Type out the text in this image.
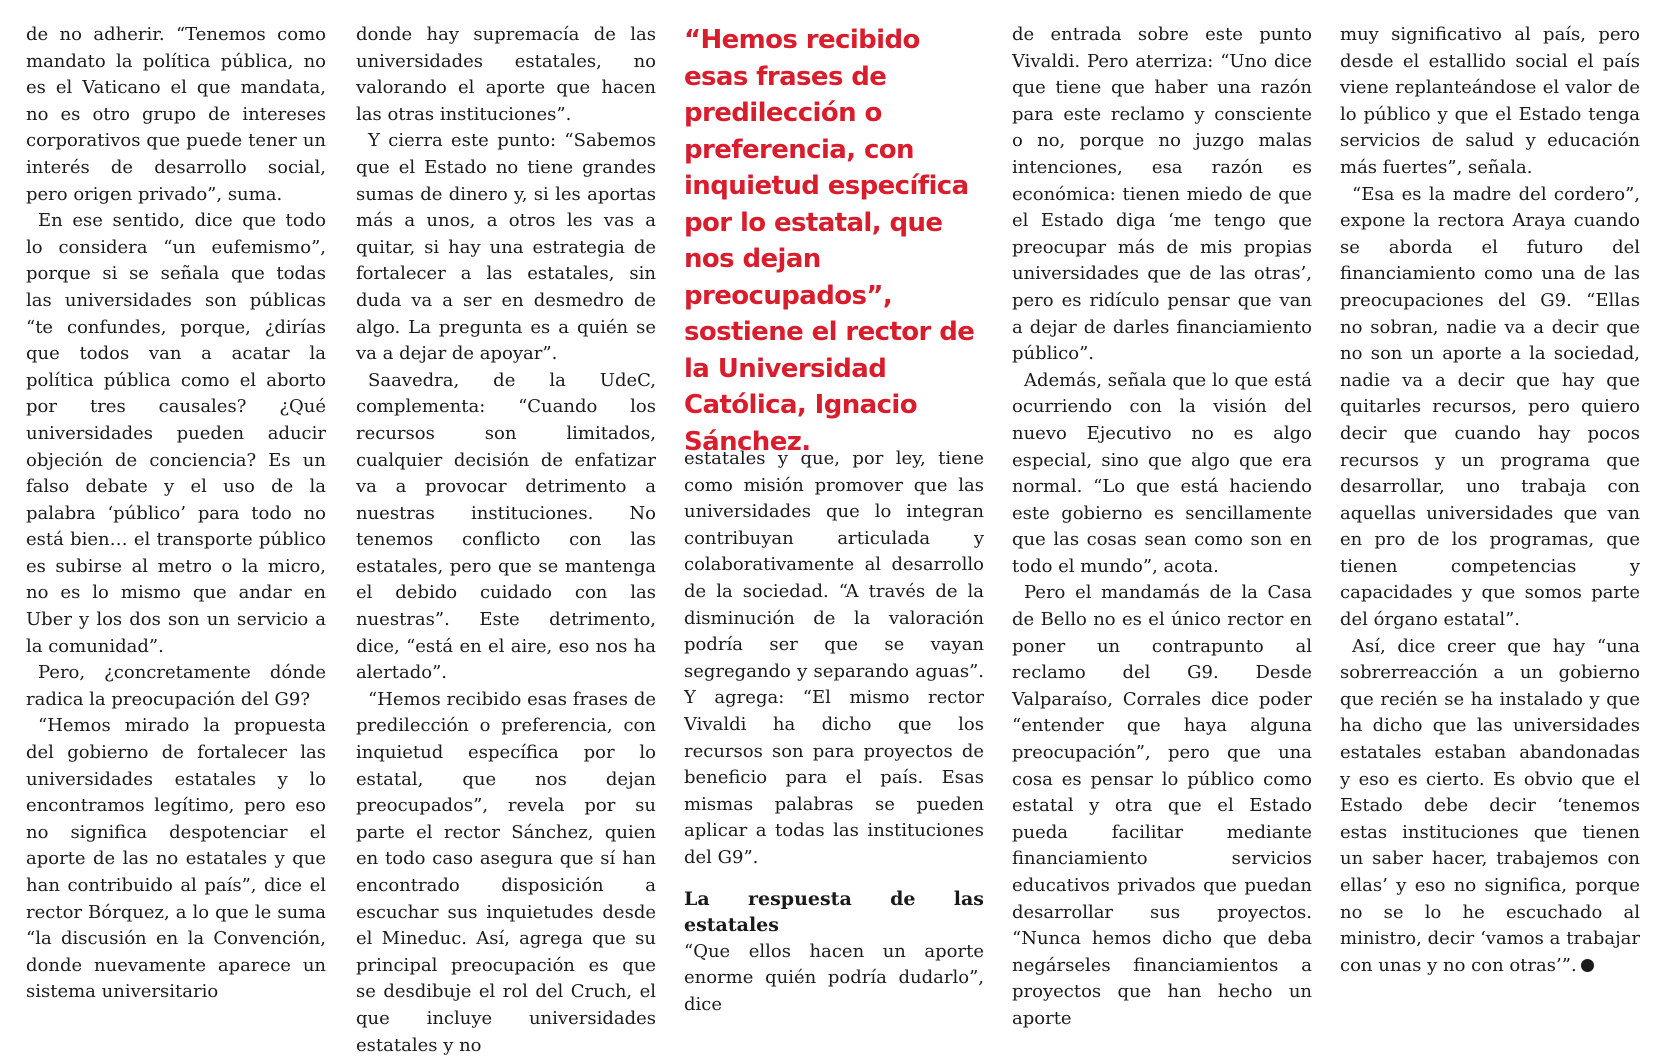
de no adherir. “Tenemos como mandato la política pública, no es el Vaticano el que mandata, no es otro grupo de intereses corporativos que puede tener un interés de desarrollo social, pero origen privado”, suma.

En ese sentido, dice que todo lo considera “un eufemismo”, porque si se señala que todas las universidades son públicas “te confundes, porque, ¿dirías que todos van a acatar la política pública como el aborto por tres causales? ¿Qué universidades pueden aducir objeción de conciencia? Es un falso debate y el uso de la palabra ‘público’ para todo no está bien… el transporte público es subirse al metro o la micro, no es lo mismo que andar en Uber y los dos son un servicio a la comunidad”.

Pero, ¿concretamente dónde radica la preocupación del G9?

“Hemos mirado la propuesta del gobierno de fortalecer las universidades estatales y lo encontramos legítimo, pero eso no significa despotenciar el aporte de las no estatales y que han contribuido al país”, dice el rector Bórquez, a lo que le suma “la discusión en la Convención, donde nuevamente aparece un sistema universitario

donde hay supremacía de las universidades estatales, no valorando el aporte que hacen las otras instituciones”.

Y cierra este punto: “Sabemos que el Estado no tiene grandes sumas de dinero y, si les aportas más a unos, a otros les vas a quitar, si hay una estrategia de fortalecer a las estatales, sin duda va a ser en desmedro de algo. La pregunta es a quién se va a dejar de apoyar”.

Saavedra, de la UdeC, complementa: “Cuando los recursos son limitados, cualquier decisión de enfatizar va a provocar detrimento a nuestras instituciones. No tenemos conflicto con las estatales, pero que se mantenga el debido cuidado con las nuestras”. Este detrimento, dice, “está en el aire, eso nos ha alertado”.

“Hemos recibido esas frases de predilección o preferencia, con inquietud específica por lo estatal, que nos dejan preocupados”, revela por su parte el rector Sánchez, quien en todo caso asegura que sí han encontrado disposición a escuchar sus inquietudes desde el Mineduc. Así, agrega que su principal preocupación es que se desdibuje el rol del Cruch, el que incluye universidades estatales y no

“Hemos recibido esas frases de predilección o preferencia, con inquietud específica por lo estatal, que nos dejan preocupados”, sostiene el rector de la Universidad Católica, Ignacio Sánchez.

estatales y que, por ley, tiene como misión promover que las universidades que lo integran contribuyan articulada y colaborativamente al desarrollo de la sociedad. “A través de la disminución de la valoración podría ser que se vayan segregando y separando aguas”. Y agrega: “El mismo rector Vivaldi ha dicho que los recursos son para proyectos de beneficio para el país. Esas mismas palabras se pueden aplicar a todas las instituciones del G9”.

La respuesta de las estatales

“Que ellos hacen un aporte enorme quién podría dudarlo”, dice

de entrada sobre este punto Vivaldi. Pero aterriza: “Uno dice que tiene que haber una razón para este reclamo y consciente o no, porque no juzgo malas intenciones, esa razón es económica: tienen miedo de que el Estado diga ‘me tengo que preocupar más de mis propias universidades que de las otras’, pero es ridículo pensar que van a dejar de darles financiamiento público”.

Además, señala que lo que está ocurriendo con la visión del nuevo Ejecutivo no es algo especial, sino que algo que era normal. “Lo que está haciendo este gobierno es sencillamente que las cosas sean como son en todo el mundo”, acota.

Pero el mandamás de la Casa de Bello no es el único rector en poner un contrapunto al reclamo del G9. Desde Valparaíso, Corrales dice poder “entender que haya alguna preocupación”, pero que una cosa es pensar lo público como estatal y otra que el Estado pueda facilitar mediante financiamiento servicios educativos privados que puedan desarrollar sus proyectos. “Nunca hemos dicho que deba negárseles financiamientos a proyectos que han hecho un aporte

muy significativo al país, pero desde el estallido social el país viene replanteándose el valor de lo público y que el Estado tenga servicios de salud y educación más fuertes”, señala.

“Esa es la madre del cordero”, expone la rectora Araya cuando se aborda el futuro del financiamiento como una de las preocupaciones del G9. “Ellas no sobran, nadie va a decir que no son un aporte a la sociedad, nadie va a decir que hay que quitarles recursos, pero quiero decir que cuando hay pocos recursos y un programa que desarrollar, uno trabaja con aquellas universidades que van en pro de los programas, que tienen competencias y capacidades y que somos parte del órgano estatal”.

Así, dice creer que hay “una sobrerreacción a un gobierno que recién se ha instalado y que ha dicho que las universidades estatales estaban abandonadas y eso es cierto. Es obvio que el Estado debe decir ‘tenemos estas instituciones que tienen un saber hacer, trabajemos con ellas’ y eso no significa, porque no se lo he escuchado al ministro, decir ‘vamos a trabajar con unas y no con otras’”.
